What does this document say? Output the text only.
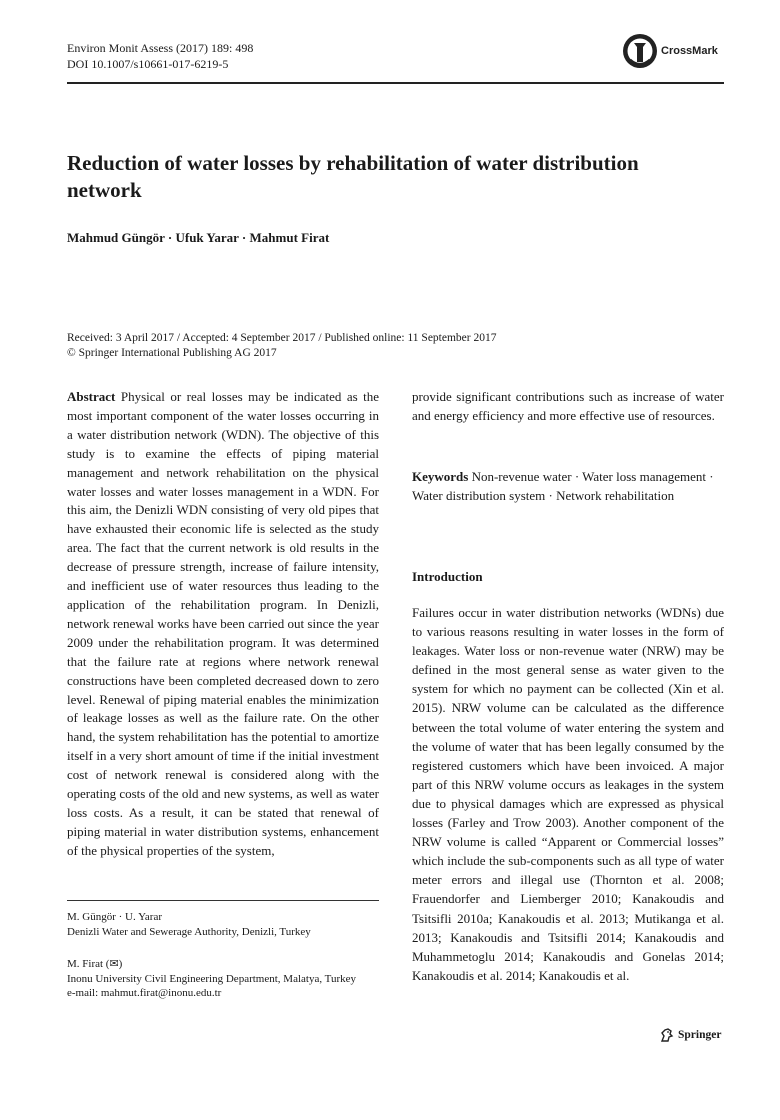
Environ Monit Assess (2017) 189: 498
DOI 10.1007/s10661-017-6219-5
CrossMark
Reduction of water losses by rehabilitation of water distribution network
Mahmud Güngör · Ufuk Yarar · Mahmut Firat
Received: 3 April 2017 / Accepted: 4 September 2017 / Published online: 11 September 2017
© Springer International Publishing AG 2017

Abstract Physical or real losses may be indicated as the most important component of the water losses occurring in a water distribution network (WDN). The objective of this study is to examine the effects of piping material management and network rehabilitation on the physical water losses and water losses management in a WDN. For this aim, the Denizli WDN consisting of very old pipes that have exhausted their economic life is selected as the study area. The fact that the current network is old results in the decrease of pressure strength, increase of failure intensity, and inefficient use of water resources thus leading to the application of the rehabilitation program. In Denizli, network renewal works have been carried out since the year 2009 under the rehabilitation program. It was determined that the failure rate at regions where network renewal constructions have been completed decreased down to zero level. Renewal of piping material enables the minimization of leakage losses as well as the failure rate. On the other hand, the system rehabilitation has the potential to amortize itself in a very short amount of time if the initial investment cost of network renewal is considered along with the operating costs of the old and new systems, as well as water loss costs. As a result, it can be stated that renewal of piping material in water distribution systems, enhancement of the physical properties of the system,

M. Güngör · U. Yarar
Denizli Water and Sewerage Authority, Denizli, Turkey
M. Firat (✉)
Inonu University Civil Engineering Department, Malatya, Turkey
e-mail: mahmut.firat@inonu.edu.tr

provide significant contributions such as increase of water and energy efficiency and more effective use of resources.

Keywords Non-revenue water · Water loss management · Water distribution system · Network rehabilitation
Introduction
Failures occur in water distribution networks (WDNs) due to various reasons resulting in water losses in the form of leakages. Water loss or non-revenue water (NRW) may be defined in the most general sense as water given to the system for which no payment can be collected (Xin et al. 2015). NRW volume can be calculated as the difference between the total volume of water entering the system and the volume of water that has been legally consumed by the registered customers which have been invoiced. A major part of this NRW volume occurs as leakages in the system due to physical damages which are expressed as physical losses (Farley and Trow 2003). Another component of the NRW volume is called “Apparent or Commercial losses” which include the sub-components such as all type of water meter errors and illegal use (Thornton et al. 2008; Frauendorfer and Liemberger 2010; Kanakoudis and Tsitsifli 2010a; Kanakoudis et al. 2013; Mutikanga et al. 2013; Kanakoudis and Tsitsifli 2014; Kanakoudis and Muhammetoglu 2014; Kanakoudis and Gonelas 2014; Kanakoudis et al. 2014; Kanakoudis et al.
Springer
